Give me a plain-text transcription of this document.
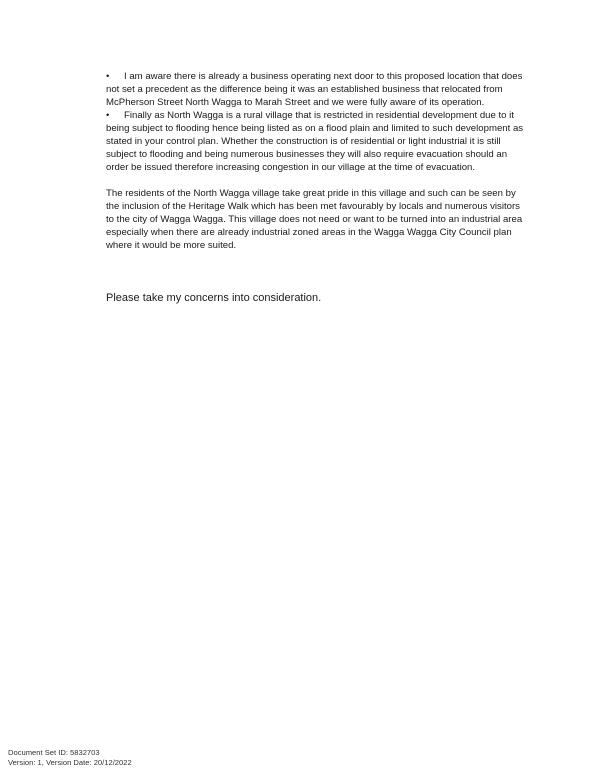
• I am aware there is already a business operating next door to this proposed location that does not set a precedent as the difference being it was an established business that relocated from McPherson Street North Wagga to Marah Street and we were fully aware of its operation.
• Finally as North Wagga is a rural village that is restricted in residential development due to it being subject to flooding hence being listed as on a flood plain and limited to such development as stated in your control plan. Whether the construction is of residential or light industrial it is still subject to flooding and being numerous businesses they will also require evacuation should an order be issued therefore increasing congestion in our village at the time of evacuation.
The residents of the North Wagga village take great pride in this village and such can be seen by the inclusion of the Heritage Walk which has been met favourably by locals and numerous visitors to the city of Wagga Wagga. This village does not need or want to be turned into an industrial area especially when there are already industrial zoned areas in the Wagga Wagga City Council plan where it would be more suited.
Please take my concerns into consideration.
Document Set ID: 5832703
Version: 1, Version Date: 20/12/2022
